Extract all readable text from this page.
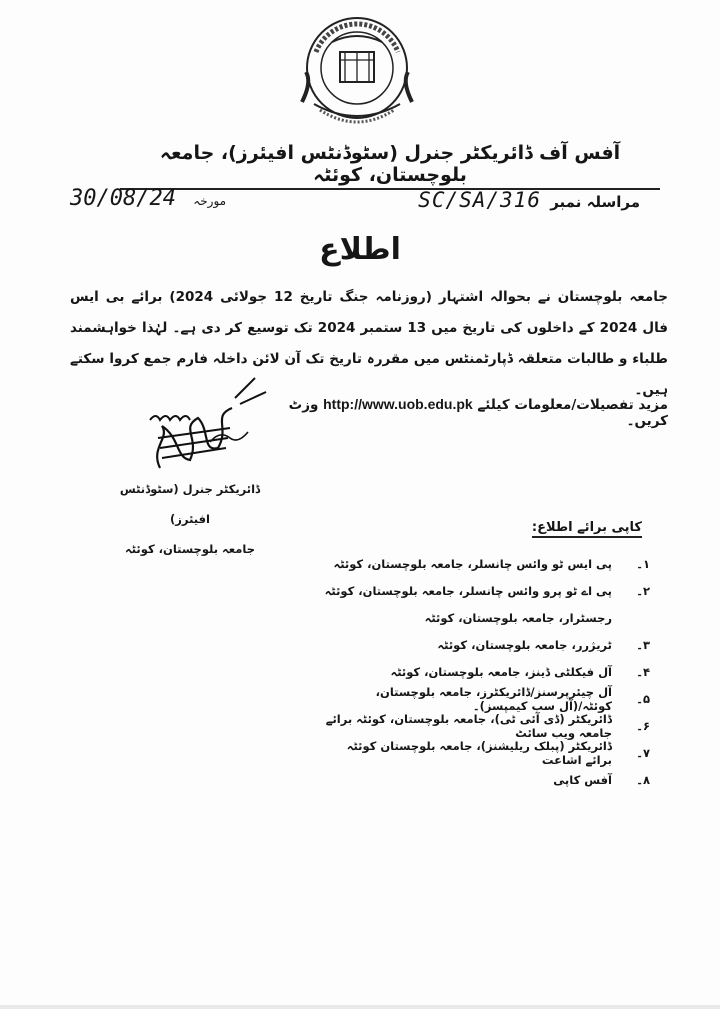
آفس آف ڈائریکٹر جنرل (سٹوڈنٹس افیئرز)، جامعہ بلوچستان، کوئٹہ
مراسلہ نمبر SC/SA/316
30/08/24 مورخہ
اطلاع
جامعہ بلوچستان نے بحوالہ اشتہار (روزنامہ جنگ تاریخ 12 جولائی 2024) برائے بی ایس فال 2024 کے داخلوں کی تاریخ میں 13 ستمبر 2024 تک توسیع کر دی ہے۔ لہٰذا خواہشمند طلباء و طالبات متعلقہ ڈپارٹمنٹس میں مقررہ تاریخ تک آن لائن داخلہ فارم جمع کروا سکتے ہیں۔
مزید تفصیلات/معلومات کیلئے http://www.uob.edu.pk وزٹ کریں۔
ڈائریکٹر جنرل (سٹوڈنٹس افیئرز)
جامعہ بلوچستان، کوئٹہ
کاپی برائے اطلاع:
۱۔
پی ایس ٹو وائس چانسلر، جامعہ بلوچستان، کوئٹہ
۲۔
پی اے ٹو پرو وائس چانسلر، جامعہ بلوچستان، کوئٹہ
رجسٹرار، جامعہ بلوچستان، کوئٹہ
۳۔
ٹریژرر، جامعہ بلوچستان، کوئٹہ
۴۔
آل فیکلٹی ڈینز، جامعہ بلوچستان، کوئٹہ
۵۔
آل چیئرپرسنز/ڈائریکٹرز، جامعہ بلوچستان، کوئٹہ/(آل سب کیمپسز)۔
۶۔
ڈائریکٹر (ڈی آئی ٹی)، جامعہ بلوچستان، کوئٹہ برائے جامعہ ویب سائٹ
۷۔
ڈائریکٹر (پبلک ریلیشنز)، جامعہ بلوچستان کوئٹہ برائے اشاعت
۸۔
آفس کاپی
